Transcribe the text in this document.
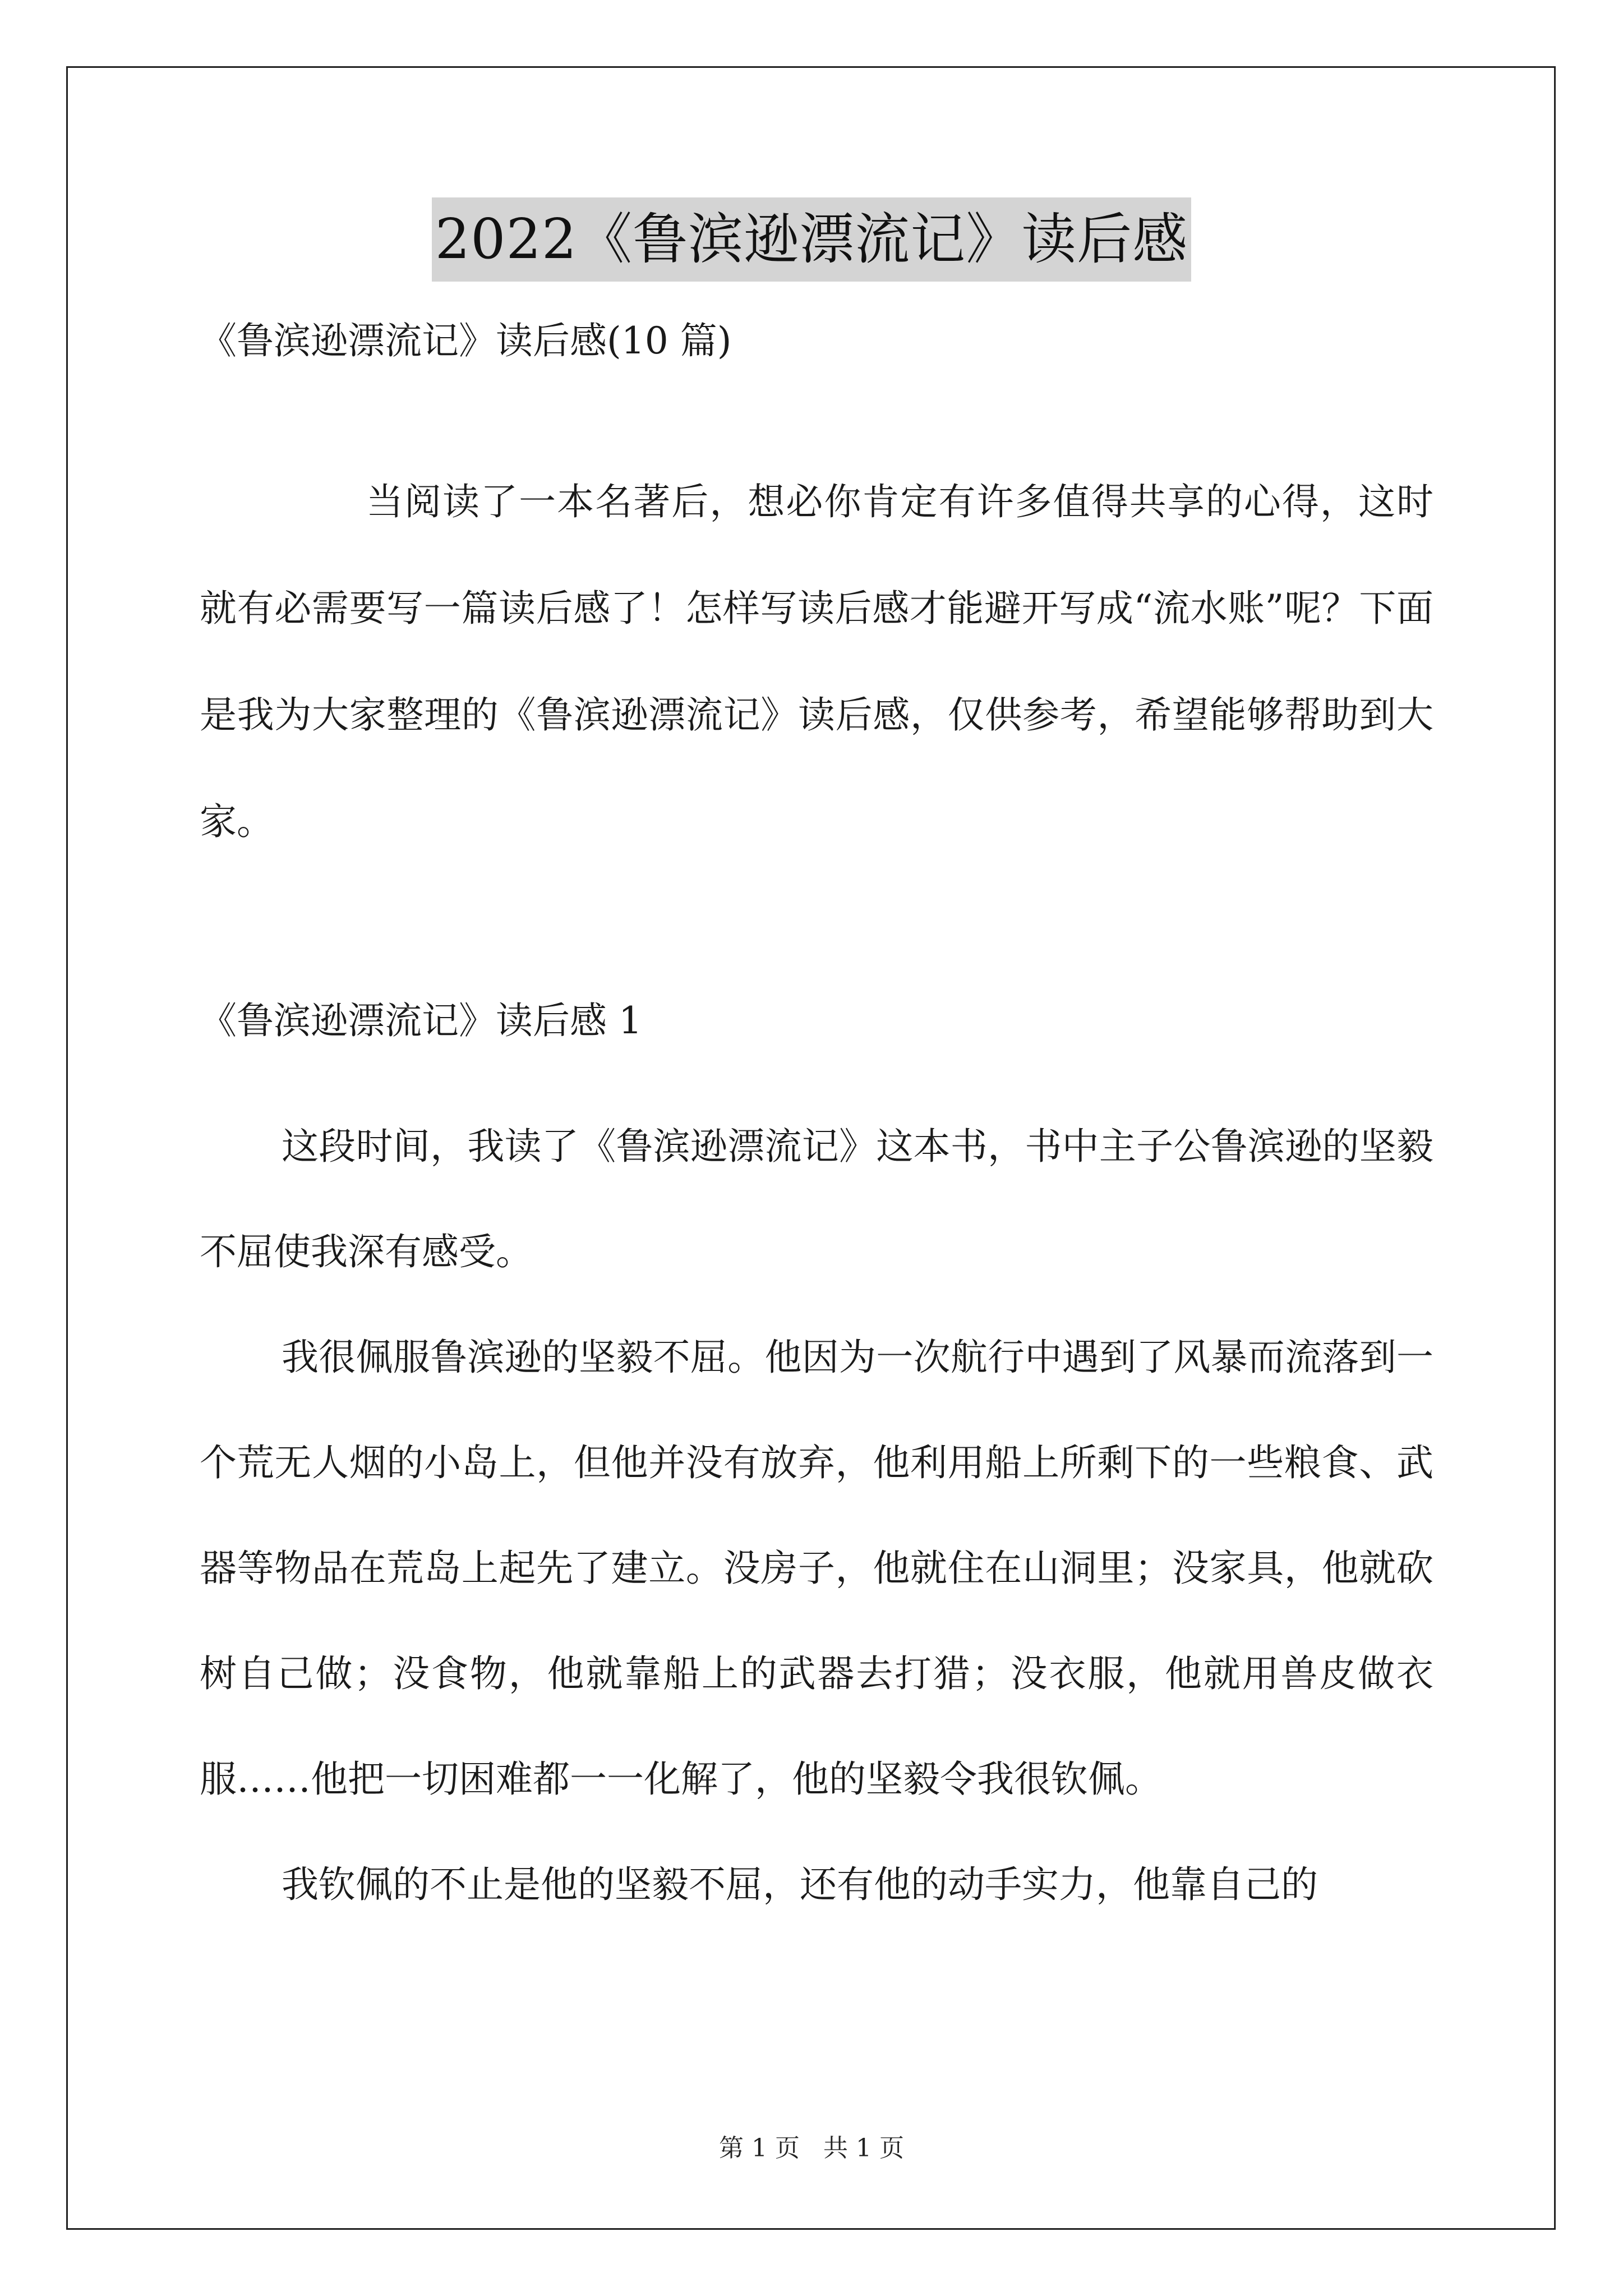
2022《鲁滨逊漂流记》读后感
《鲁滨逊漂流记》读后感(10 篇)
当阅读了一本名著后，想必你肯定有许多值得共享的心得，这时就有必需要写一篇读后感了！怎样写读后感才能避开写成“流水账”呢？下面是我为大家整理的《鲁滨逊漂流记》读后感，仅供参考，希望能够帮助到大家。
《鲁滨逊漂流记》读后感 1

这段时间，我读了《鲁滨逊漂流记》这本书，书中主子公鲁滨逊的坚毅不屈使我深有感受。

我很佩服鲁滨逊的坚毅不屈。他因为一次航行中遇到了风暴而流落到一个荒无人烟的小岛上，但他并没有放弃，他利用船上所剩下的一些粮食、武器等物品在荒岛上起先了建立。没房子，他就住在山洞里；没家具，他就砍树自己做；没食物，他就靠船上的武器去打猎；没衣服，他就用兽皮做衣服……他把一切困难都一一化解了，他的坚毅令我很钦佩。

我钦佩的不止是他的坚毅不屈，还有他的动手实力，他靠自己的

第 1 页   共 1 页
